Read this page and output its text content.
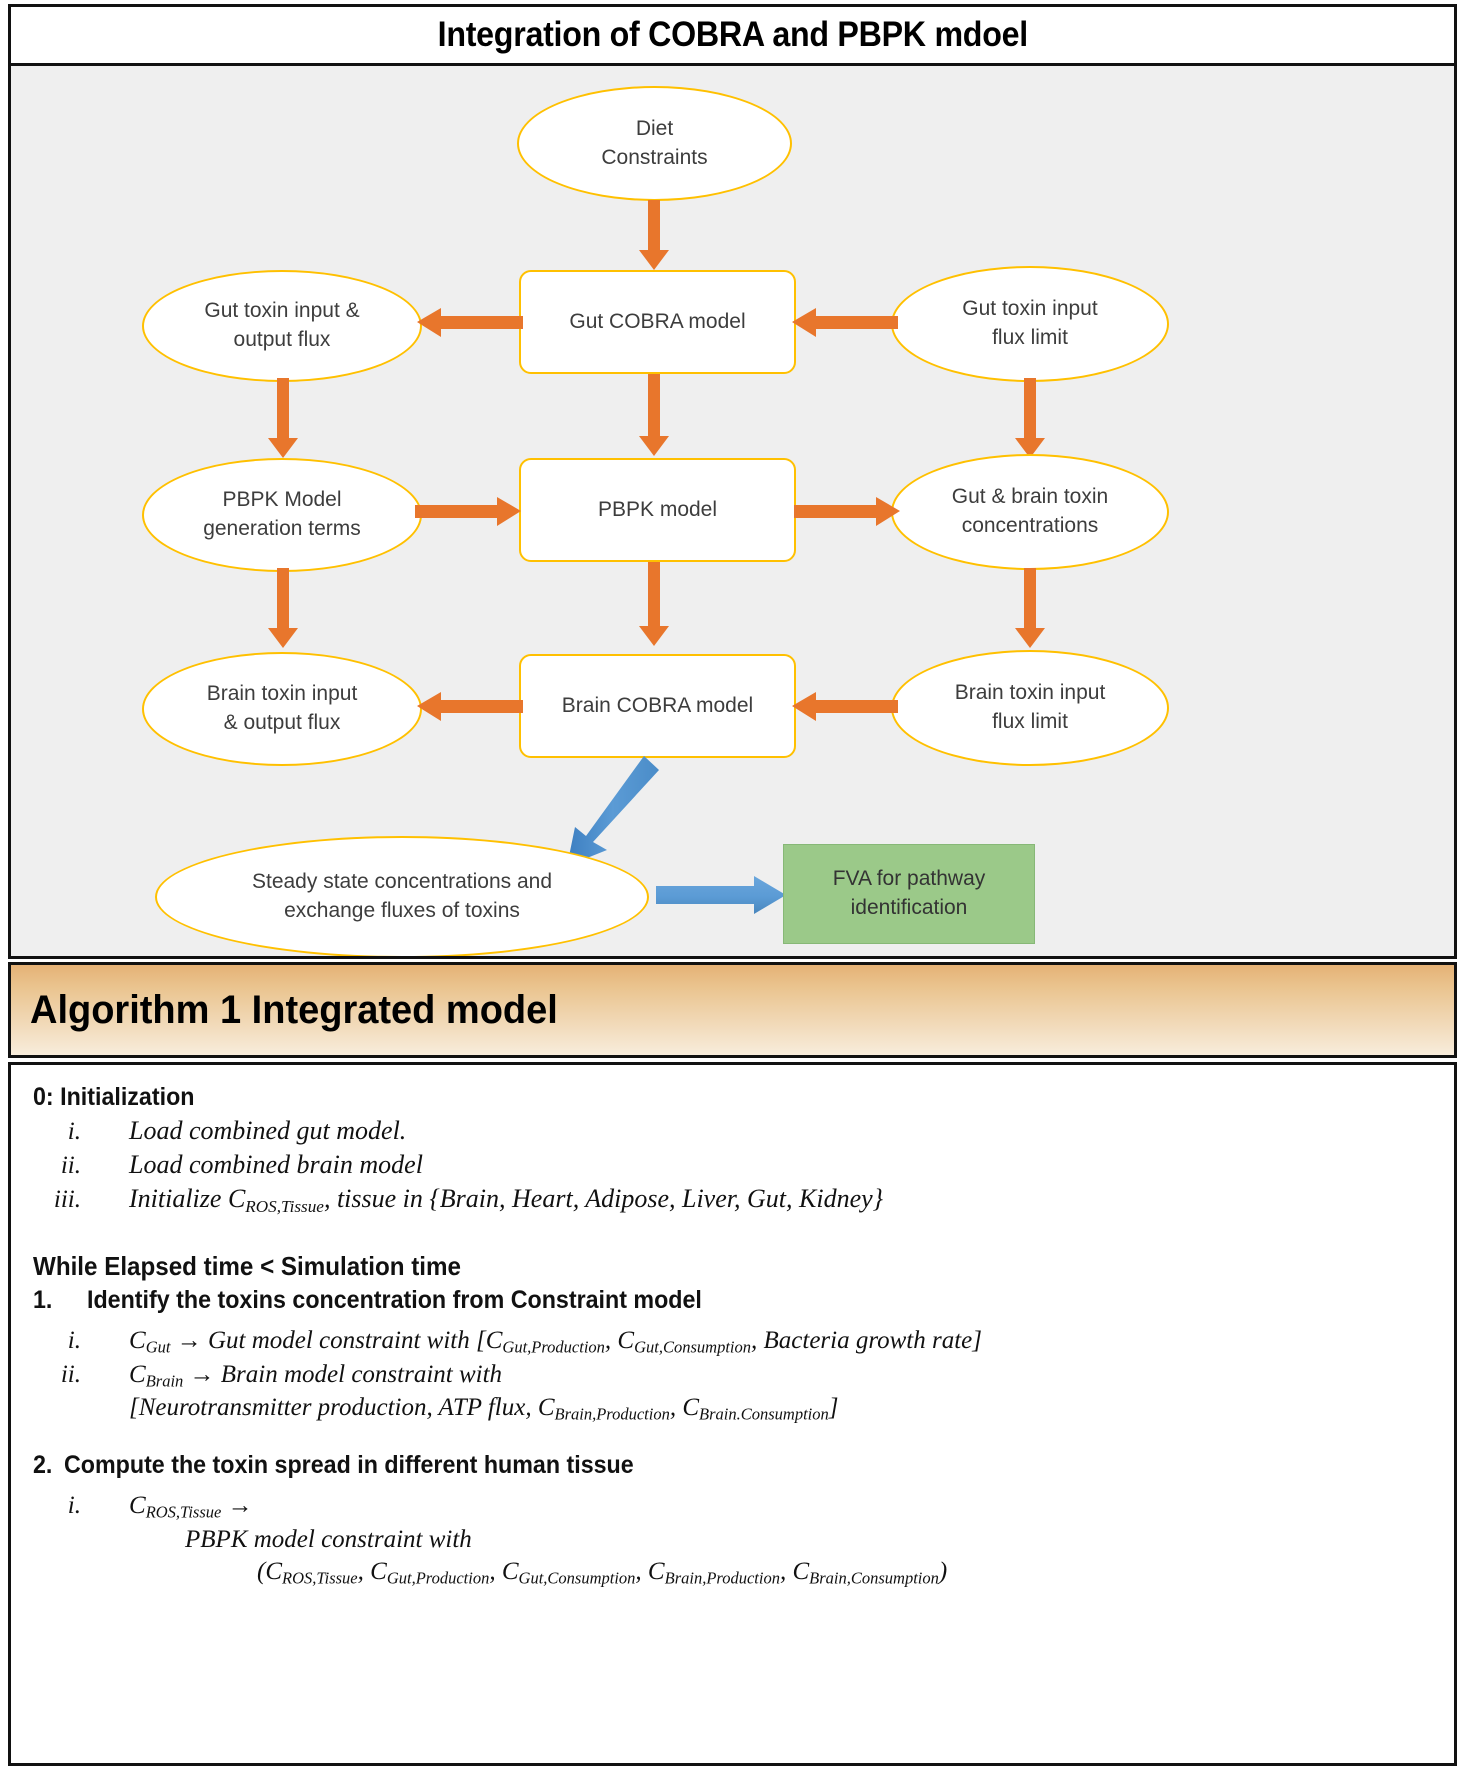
Integration of COBRA and PBPK mdoel
Diet
Constraints
Gut toxin input &
output flux
Gut COBRA model
Gut toxin input
flux limit
PBPK Model
generation terms
PBPK model
Gut & brain toxin
concentrations
Brain toxin input
& output flux
Brain COBRA model
Brain toxin input
flux limit
Steady state concentrations and
exchange fluxes of toxins
FVA for pathway
identification
Algorithm 1 Integrated model
0: Initialization
i.	Load combined gut model.
ii.	Load combined brain model
iii.	Initialize $C_{ROS,Tissue}$, tissue in {Brain, Heart, Adipose, Liver, Gut, Kidney}
While Elapsed time < Simulation time
1.	Identify the toxins concentration from Constraint model
i.	$C_{Gut}$ → Gut model constraint with [$C_{Gut,Production}$, $C_{Gut,Consumption}$, Bacteria growth rate]
ii.	$C_{Brain}$ → Brain model constraint with
[Neurotransmitter production, ATP flux, $C_{Brain,Production}$, $C_{Brain.Consumption}$]
2. Compute the toxin spread in different human tissue
i.	$C_{ROS,Tissue}$ →
PBPK model constraint with
($C_{ROS,Tissue}$, $C_{Gut,Production}$, $C_{Gut,Consumption}$, $C_{Brain,Production}$, $C_{Brain,Consumption}$)
